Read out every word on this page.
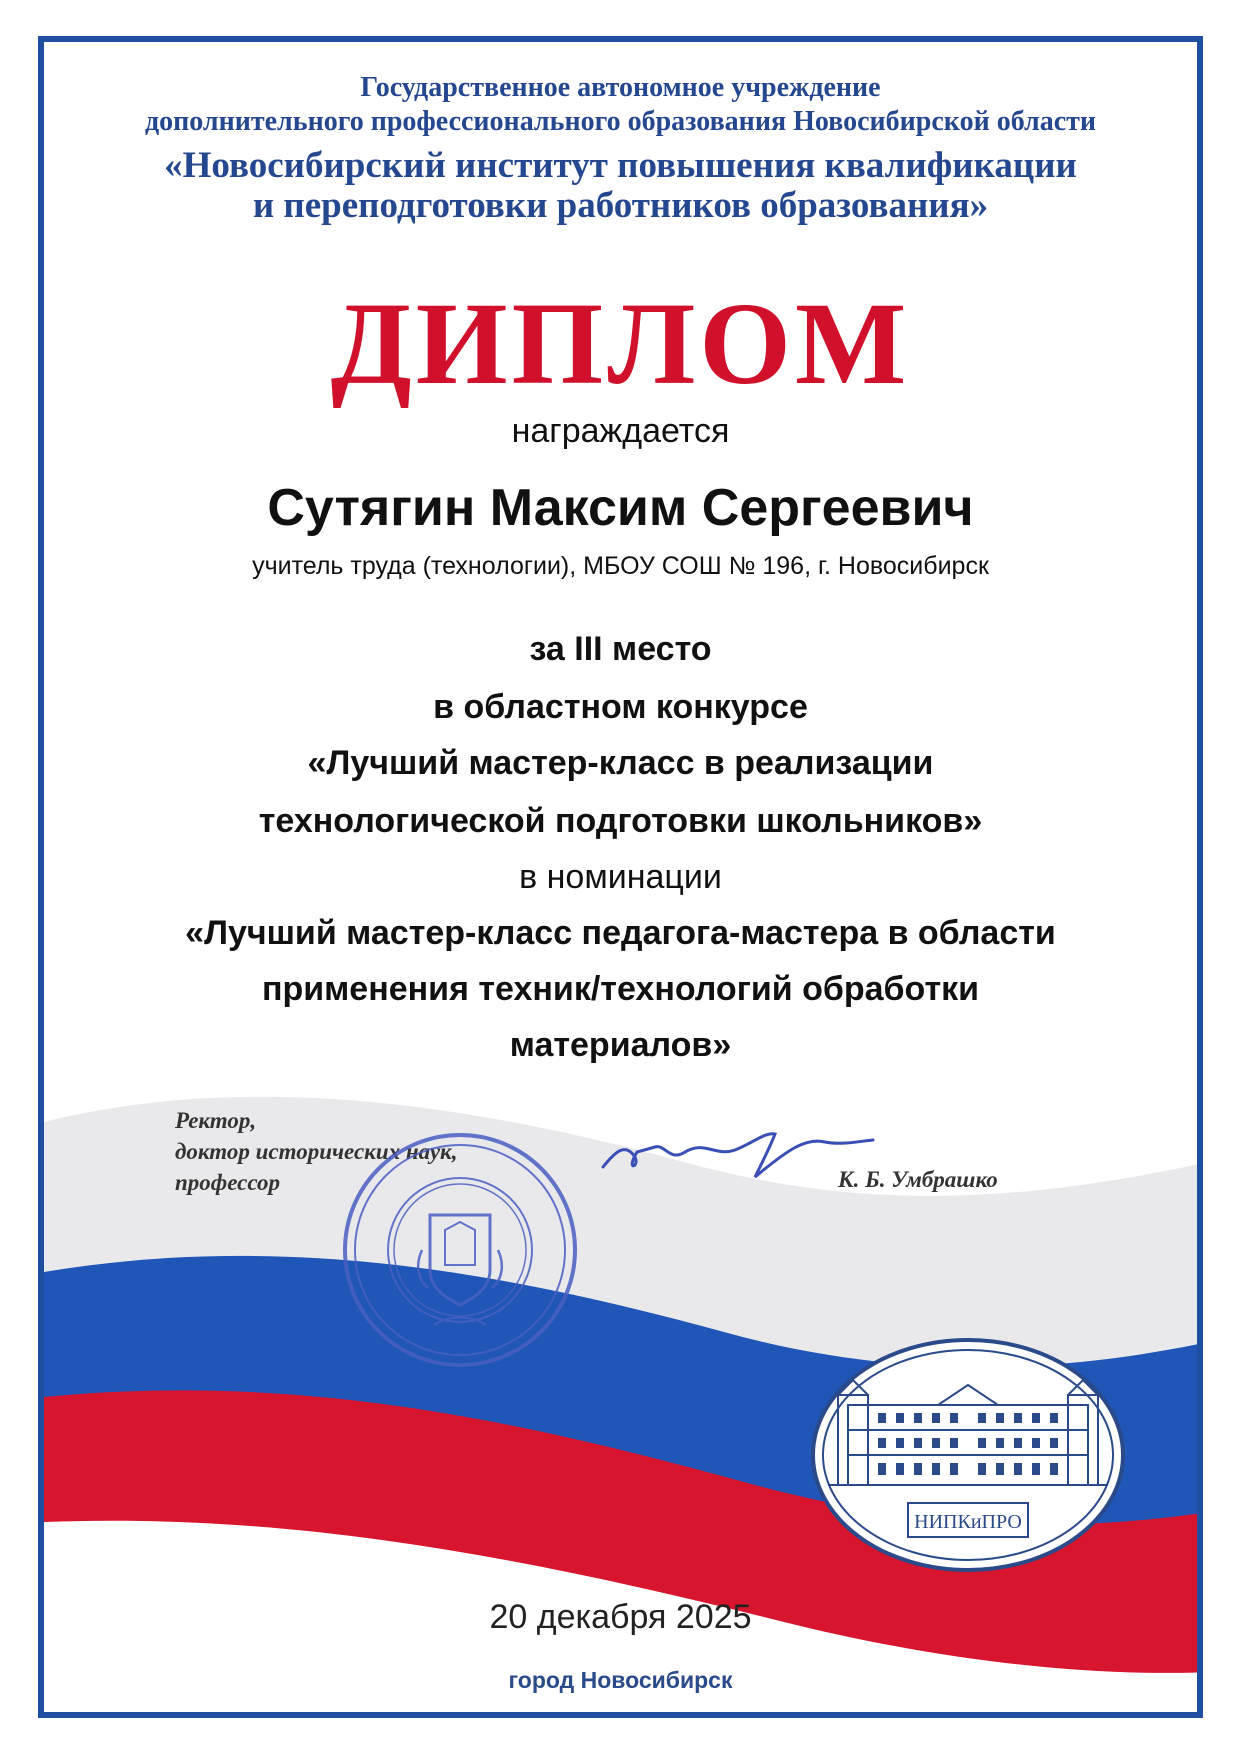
Государственное автономное учреждение
дополнительного профессионального образования Новосибирской области
«Новосибирский институт повышения квалификации
и переподготовки работников образования»
ДИПЛОМ
награждается
Сутягин Максим Сергеевич
учитель труда (технологии), МБОУ СОШ № 196, г. Новосибирск
за III место
в областном конкурсе
«Лучший мастер-класс в реализации
технологической подготовки школьников»
в номинации
«Лучший мастер-класс педагога-мастера в области
применения техник/технологий обработки
материалов»
Ректор,
доктор исторических наук,
профессор	К. Б. Умбрашко
НИПКиПРО
20 декабря 2025
город Новосибирск
